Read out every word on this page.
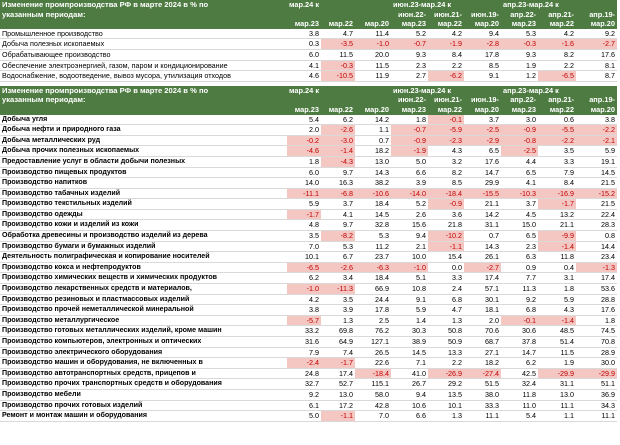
Изменение промпроизводства РФ в марте 2024 в % по	мар.24 к			июн.23-мар.24 к			апр.23-мар.24 к		
указанным периодам:				июн.22-	июн.21-	июн.19-	апр.22-	апр.21-	апр.19-
	мар.23	мар.22	мар.20	мар.23	мар.22	мар.20	мар.23	мар.22	мар.20
Промышленное производство	3.8	4.7	11.4	5.2	4.2	9.4	5.3	4.2	9.2
Добыча полезных ископаемых	0.3	-3.5	-1.0	-0.7	-1.9	-2.8	-0.3	-1.6	-2.7
Обрабатывающее производство	6.0	11.5	20.0	9.3	8.4	17.8	9.3	8.2	17.6
Обеспечение электроэнергией, газом, паром и кондиционирование	4.1	-0.3	11.5	2.3	2.2	8.5	1.9	2.2	8.1
Водоснабжение, водоотведение, вывоз мусора, утилизация отходов	4.6	-10.5	11.9	2.7	-6.2	9.1	1.2	-6.5	8.7

Изменение промпроизводства РФ в марте 2024 в % по	мар.24 к			июн.23-мар.24 к			апр.23-мар.24 к		
указанным периодам:				июн.22-	июн.21-	июн.19-	апр.22-	апр.21-	апр.19-
	мар.23	мар.22	мар.20	мар.23	мар.22	мар.20	мар.23	мар.22	мар.20
Добыча угля	5.4	6.2	14.2	1.8	-0.1	3.7	3.0	0.6	3.8
Добыча нефти и природного газа	2.0	-2.6	1.1	-0.7	-5.9	-2.5	-0.9	-5.5	-2.2
Добыча металлических руд	-0.2	-3.0	0.7	-0.9	-2.3	-2.9	-0.8	-2.2	-2.1
Добыча прочих полезных ископаемых	-4.6	-1.4	18.2	-1.9	4.3	6.5	-2.5	3.5	5.9
Предоставление услуг в области добычи полезных	1.8	-4.3	13.0	5.0	3.2	17.6	4.4	3.3	19.1
Производство пищевых продуктов	6.0	9.7	14.3	6.6	8.2	14.7	6.5	7.9	14.5
Производство напитков	14.0	16.3	38.2	3.9	8.5	29.9	4.1	8.4	21.5
Производство табачных изделий	-11.1	-6.8	-10.6	-14.0	-18.4	-15.5	-10.3	-16.9	-15.2
Производство текстильных изделий	5.9	3.7	18.4	5.2	-0.9	21.1	3.7	-1.7	21.5
Производство одежды	-1.7	4.1	14.5	2.6	3.6	14.2	4.5	13.2	22.4
Производство кожи и изделий из кожи	4.8	9.7	32.8	15.6	21.8	31.1	15.0	21.1	28.3
Обработка древесины и производство изделий из дерева	3.5	-8.2	5.3	9.4	-10.2	0.7	6.5	-9.9	0.8
Производство бумаги и бумажных изделий	7.0	5.3	11.2	2.1	-1.1	14.3	2.3	-1.4	14.4
Деятельность полиграфическая и копирование носителей	10.1	6.7	23.7	10.0	15.4	26.1	6.3	11.8	23.4
Производство кокса и нефтепродуктов	-6.5	-2.6	-6.3	-1.0	0.0	-2.7	0.9	0.4	-1.3
Производство химических веществ и химических продуктов	6.2	3.4	18.4	5.1	3.3	17.4	7.7	3.1	17.4
Производство лекарственных средств и материалов,	-1.0	-11.3	66.9	10.8	2.4	57.1	11.3	1.8	53.6
Производство резиновых и пластмассовых изделий	4.2	3.5	24.4	9.1	6.8	30.1	9.2	5.9	28.8
Производство прочей неметаллической минеральной	3.8	3.9	17.8	5.9	4.7	18.1	6.8	4.3	17.6
Производство металлургическое	-5.7	1.3	2.5	1.4	1.3	2.0	-0.1	-1.4	1.8
Производство готовых металлических изделий, кроме машин	33.2	69.8	76.2	30.3	50.8	70.6	30.6	48.5	74.5
Производство компьютеров, электронных и оптических	31.6	64.9	127.1	38.9	50.9	68.7	37.8	51.4	70.8
Производство электрического оборудования	7.9	7.4	26.5	14.5	13.3	27.1	14.7	11.5	28.9
Производство машин и оборудования, не включенных в	-2.4	-1.7	22.6	7.1	2.2	18.2	6.2	1.9	30.0
Производство автотранспортных средств, прицепов и	24.8	17.4	-18.4	41.0	-26.9	-27.4	42.5	-29.9	-29.9
Производство прочих транспортных средств и оборудования	32.7	52.7	115.1	26.7	29.2	51.5	32.4	31.1	51.1
Производство мебели	9.2	13.0	58.0	9.4	13.5	38.0	11.8	13.0	36.9
Производство прочих готовых изделий	6.1	17.2	42.8	10.6	10.1	33.3	11.0	11.1	34.3
Ремонт и монтаж машин и оборудования	5.0	-1.1	7.0	6.6	1.3	11.1	5.4	1.1	11.1
